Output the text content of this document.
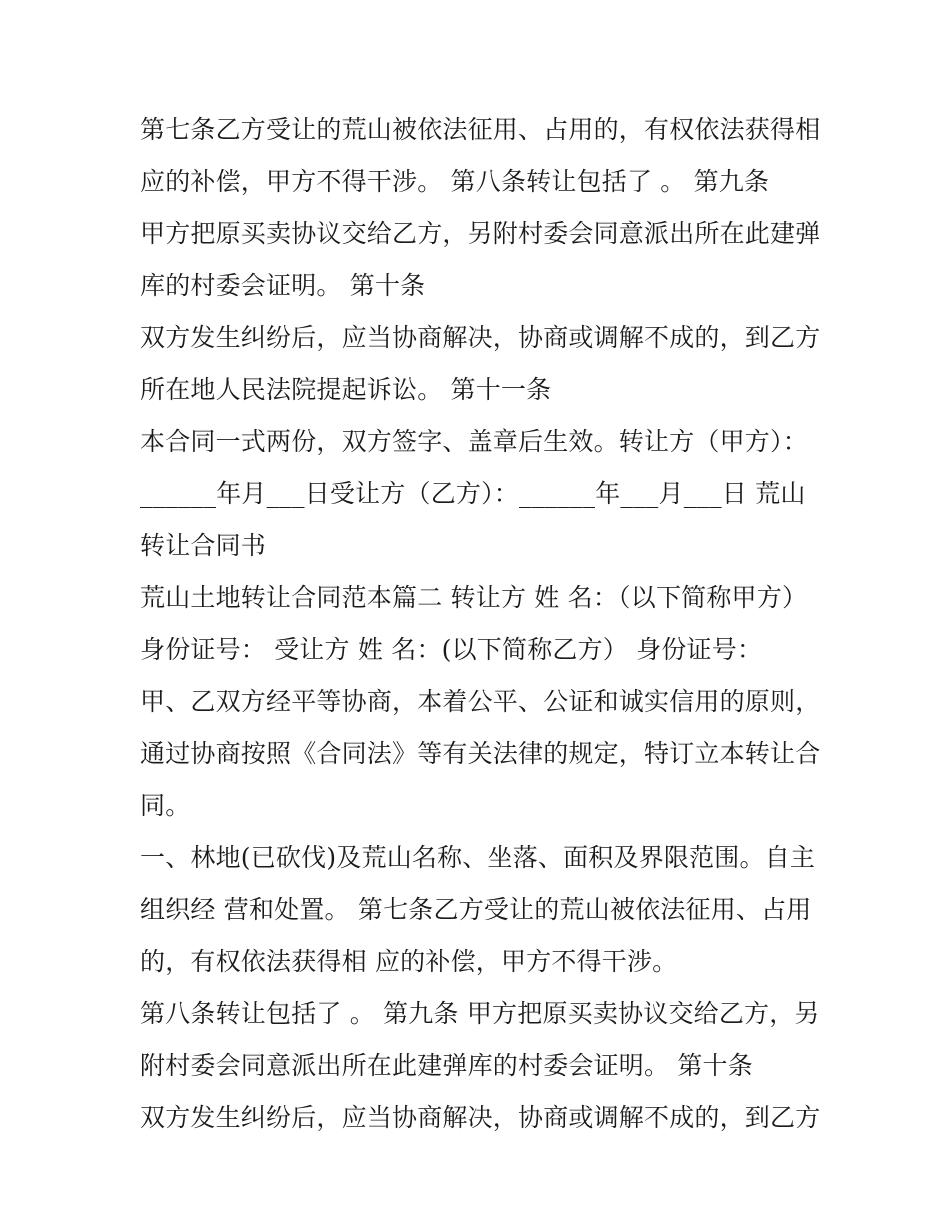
第七条乙方受让的荒山被依法征用、占用的，有权依法获得相
应的补偿，甲方不得干涉。 第八条转让包括了 。 第九条
甲方把原买卖协议交给乙方，另附村委会同意派出所在此建弹
库的村委会证明。 第十条
双方发生纠纷后，应当协商解决，协商或调解不成的，到乙方
所在地人民法院提起诉讼。 第十一条
本合同一式两份，双方签字、盖章后生效。转让方（甲方）：
______年月___日受让方（乙方）：______年___月___日 荒山
转让合同书
荒山土地转让合同范本篇二 转让方 姓 名：（以下简称甲方）
身份证号： 受让方 姓 名：(以下简称乙方） 身份证号：
甲、乙双方经平等协商，本着公平、公证和诚实信用的原则，
通过协商按照《合同法》等有关法律的规定，特订立本转让合
同。
一、林地(已砍伐)及荒山名称、坐落、面积及界限范围。自主
组织经 营和处置。 第七条乙方受让的荒山被依法征用、占用
的，有权依法获得相 应的补偿，甲方不得干涉。
第八条转让包括了 。 第九条 甲方把原买卖协议交给乙方，另
附村委会同意派出所在此建弹库的村委会证明。 第十条
双方发生纠纷后，应当协商解决，协商或调解不成的，到乙方
